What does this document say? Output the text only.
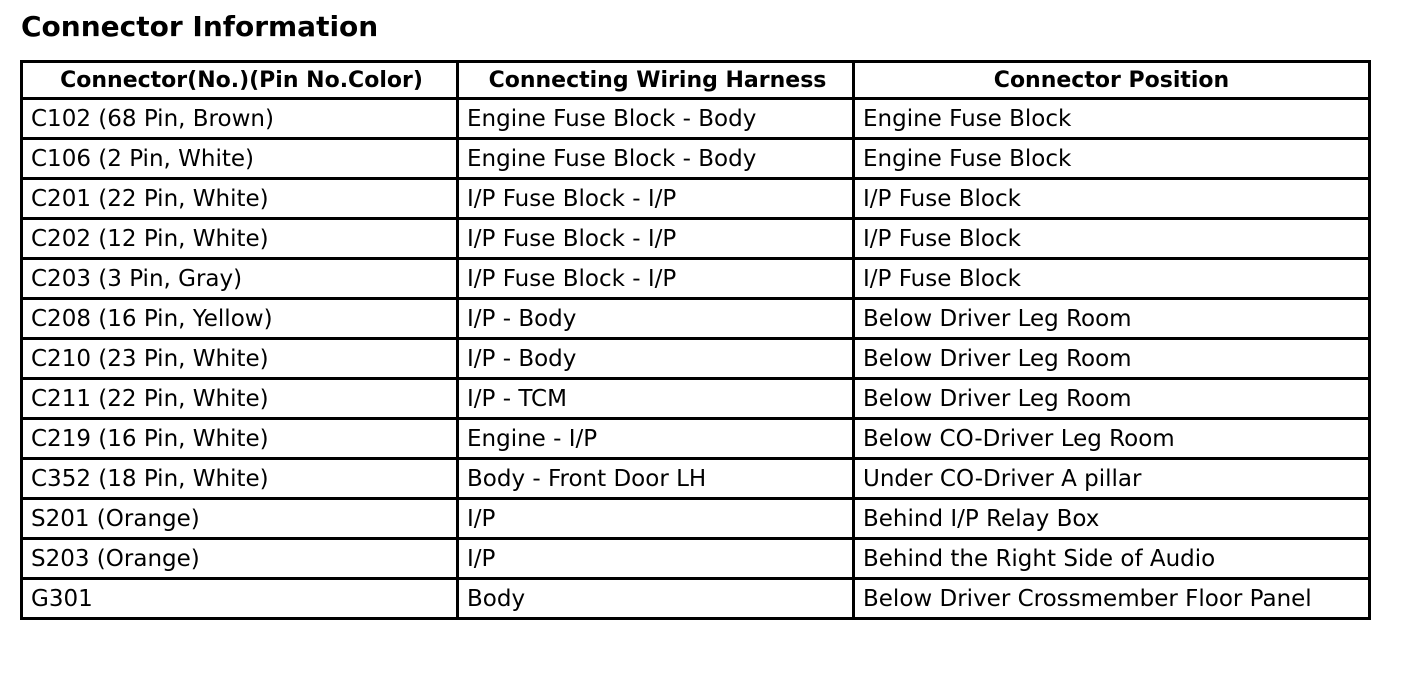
Connector Information
Connector(No.)(Pin No.Color)	Connecting Wiring Harness	Connector Position
C102 (68 Pin, Brown)	Engine Fuse Block - Body	Engine Fuse Block
C106 (2 Pin, White)	Engine Fuse Block - Body	Engine Fuse Block
C201 (22 Pin, White)	I/P Fuse Block - I/P	I/P Fuse Block
C202 (12 Pin, White)	I/P Fuse Block - I/P	I/P Fuse Block
C203 (3 Pin, Gray)	I/P Fuse Block - I/P	I/P Fuse Block
C208 (16 Pin, Yellow)	I/P - Body	Below Driver Leg Room
C210 (23 Pin, White)	I/P - Body	Below Driver Leg Room
C211 (22 Pin, White)	I/P - TCM	Below Driver Leg Room
C219 (16 Pin, White)	Engine - I/P	Below CO-Driver Leg Room
C352 (18 Pin, White)	Body - Front Door LH	Under CO-Driver A pillar
S201 (Orange)	I/P	Behind I/P Relay Box
S203 (Orange)	I/P	Behind the Right Side of Audio
G301	Body	Below Driver Crossmember Floor Panel
